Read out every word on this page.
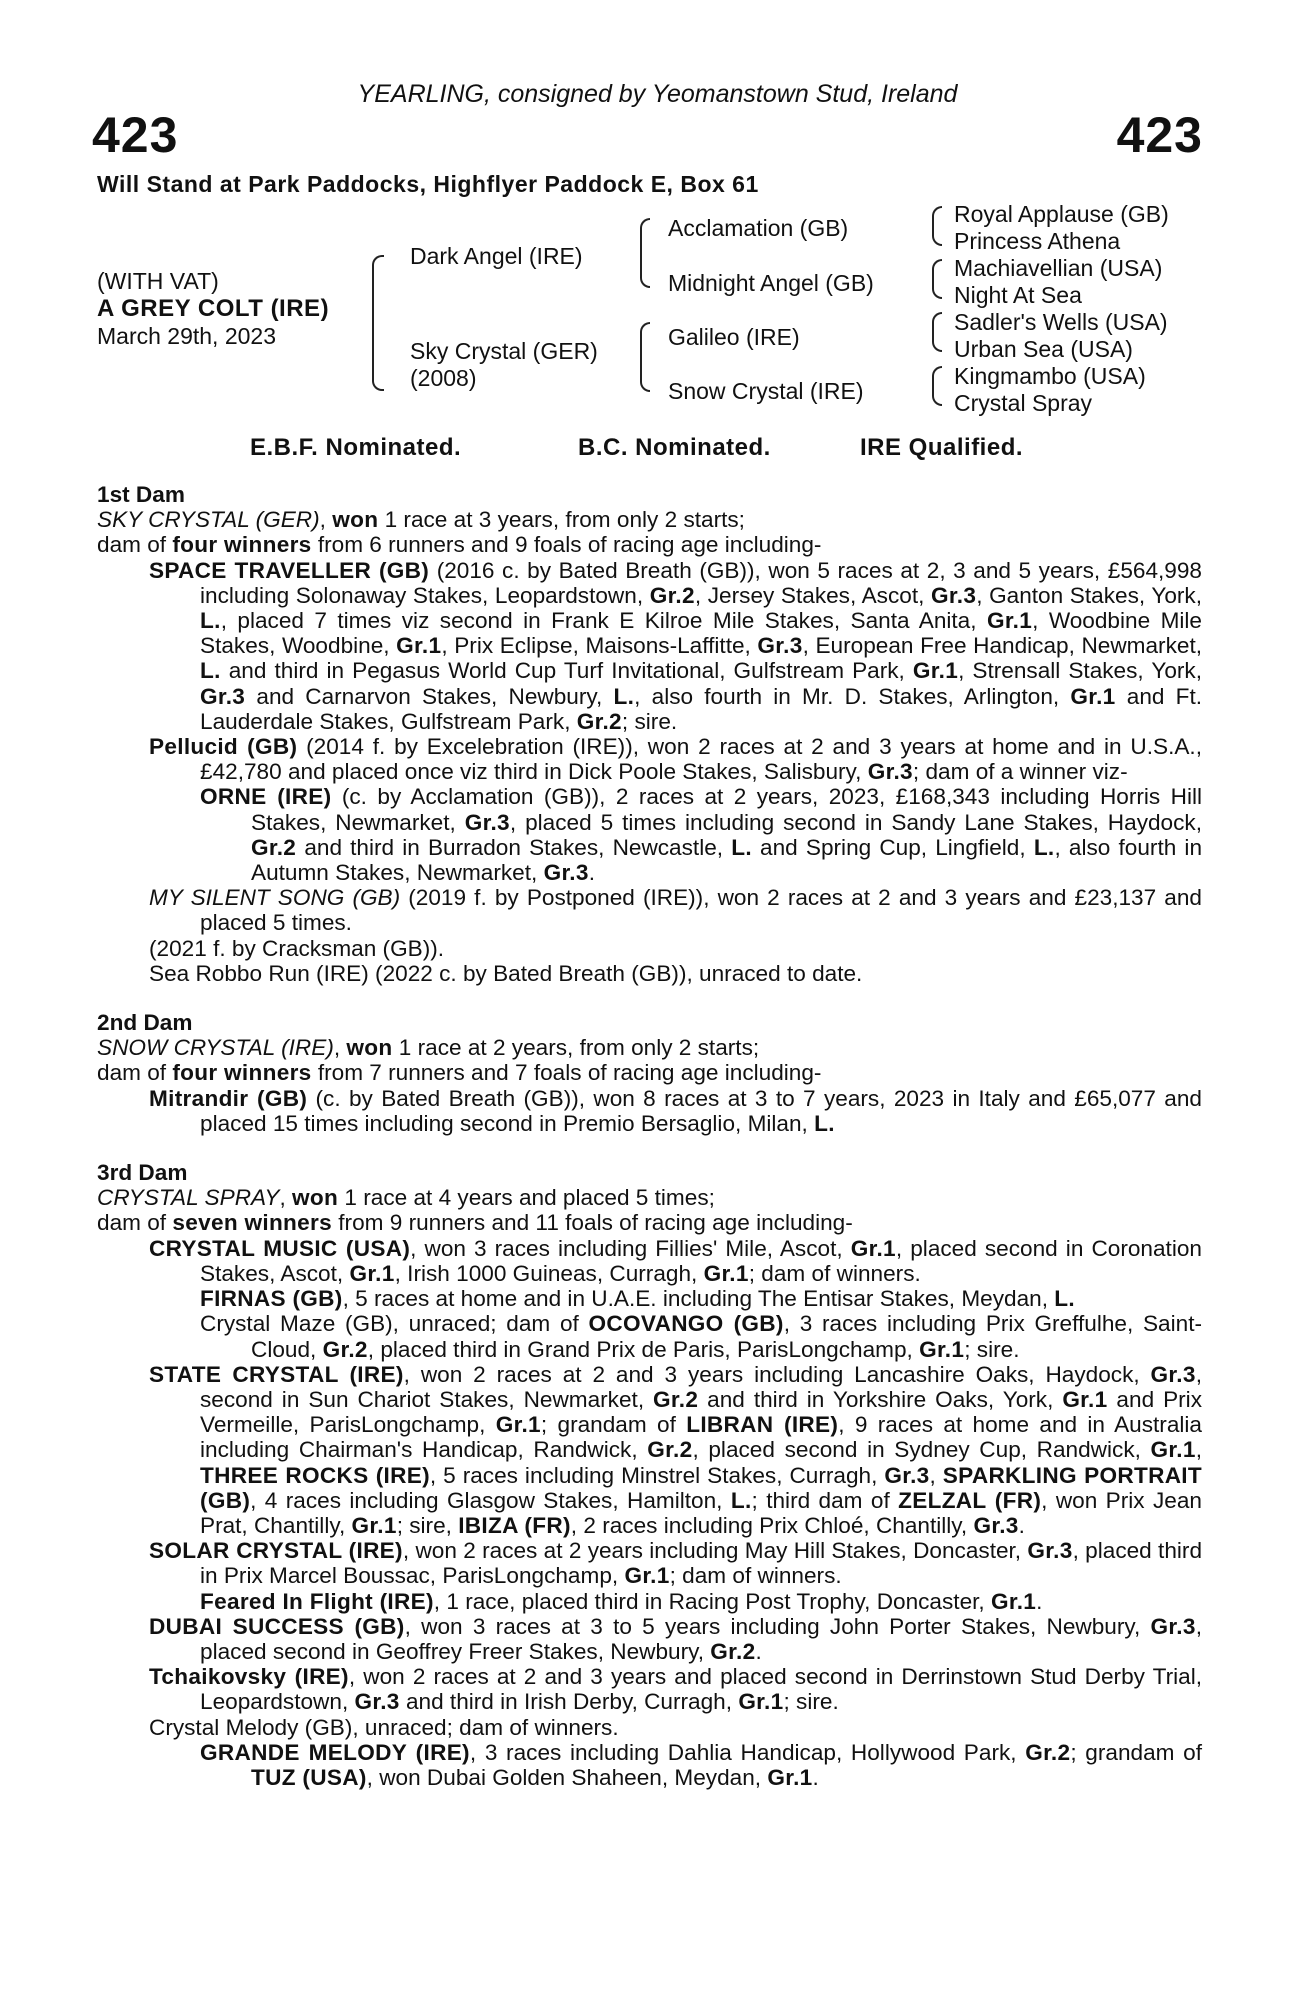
YEARLING, consigned by Yeomanstown Stud, Ireland
423	423
Will Stand at Park Paddocks, Highflyer Paddock E, Box 61
(WITH VAT)
A GREY COLT (IRE)
March 29th, 2023
Dark Angel (IRE)
Sky Crystal (GER)
(2008)
Acclamation (GB)
Midnight Angel (GB)
Galileo (IRE)
Snow Crystal (IRE)
Royal Applause (GB)
Princess Athena
Machiavellian (USA)
Night At Sea
Sadler's Wells (USA)
Urban Sea (USA)
Kingmambo (USA)
Crystal Spray
E.B.F. Nominated.	B.C. Nominated.	IRE Qualified.

1st Dam

SKY CRYSTAL (GER), won 1 race at 3 years, from only 2 starts;

dam of four winners from 6 runners and 9 foals of racing age including-

SPACE TRAVELLER (GB) (2016 c. by Bated Breath (GB)), won 5 races at 2, 3 and 5 years, £564,998 including Solonaway Stakes, Leopardstown, Gr.2, Jersey Stakes, Ascot, Gr.3, Ganton Stakes, York, L., placed 7 times viz second in Frank E Kilroe Mile Stakes, Santa Anita, Gr.1, Woodbine Mile Stakes, Woodbine, Gr.1, Prix Eclipse, Maisons-Laffitte, Gr.3, European Free Handicap, Newmarket, L. and third in Pegasus World Cup Turf Invitational, Gulfstream Park, Gr.1, Strensall Stakes, York, Gr.3 and Carnarvon Stakes, Newbury, L., also fourth in Mr. D. Stakes, Arlington, Gr.1 and Ft. Lauderdale Stakes, Gulfstream Park, Gr.2; sire.

Pellucid (GB) (2014 f. by Excelebration (IRE)), won 2 races at 2 and 3 years at home and in U.S.A., £42,780 and placed once viz third in Dick Poole Stakes, Salisbury, Gr.3; dam of a winner viz-

ORNE (IRE) (c. by Acclamation (GB)), 2 races at 2 years, 2023, £168,343 including Horris Hill Stakes, Newmarket, Gr.3, placed 5 times including second in Sandy Lane Stakes, Haydock, Gr.2 and third in Burradon Stakes, Newcastle, L. and Spring Cup, Lingfield, L., also fourth in Autumn Stakes, Newmarket, Gr.3.

MY SILENT SONG (GB) (2019 f. by Postponed (IRE)), won 2 races at 2 and 3 years and £23,137 and placed 5 times.

(2021 f. by Cracksman (GB)).

Sea Robbo Run (IRE) (2022 c. by Bated Breath (GB)), unraced to date.

2nd Dam

SNOW CRYSTAL (IRE), won 1 race at 2 years, from only 2 starts;

dam of four winners from 7 runners and 7 foals of racing age including-

Mitrandir (GB) (c. by Bated Breath (GB)), won 8 races at 3 to 7 years, 2023 in Italy and £65,077 and placed 15 times including second in Premio Bersaglio, Milan, L.

3rd Dam

CRYSTAL SPRAY, won 1 race at 4 years and placed 5 times;

dam of seven winners from 9 runners and 11 foals of racing age including-

CRYSTAL MUSIC (USA), won 3 races including Fillies' Mile, Ascot, Gr.1, placed second in Coronation Stakes, Ascot, Gr.1, Irish 1000 Guineas, Curragh, Gr.1; dam of winners.

FIRNAS (GB), 5 races at home and in U.A.E. including The Entisar Stakes, Meydan, L.

Crystal Maze (GB), unraced; dam of OCOVANGO (GB), 3 races including Prix Greffulhe, Saint-Cloud, Gr.2, placed third in Grand Prix de Paris, ParisLongchamp, Gr.1; sire.

STATE CRYSTAL (IRE), won 2 races at 2 and 3 years including Lancashire Oaks, Haydock, Gr.3, second in Sun Chariot Stakes, Newmarket, Gr.2 and third in Yorkshire Oaks, York, Gr.1 and Prix Vermeille, ParisLongchamp, Gr.1; grandam of LIBRAN (IRE), 9 races at home and in Australia including Chairman's Handicap, Randwick, Gr.2, placed second in Sydney Cup, Randwick, Gr.1, THREE ROCKS (IRE), 5 races including Minstrel Stakes, Curragh, Gr.3, SPARKLING PORTRAIT (GB), 4 races including Glasgow Stakes, Hamilton, L.; third dam of ZELZAL (FR), won Prix Jean Prat, Chantilly, Gr.1; sire, IBIZA (FR), 2 races including Prix Chloé, Chantilly, Gr.3.

SOLAR CRYSTAL (IRE), won 2 races at 2 years including May Hill Stakes, Doncaster, Gr.3, placed third in Prix Marcel Boussac, ParisLongchamp, Gr.1; dam of winners.

Feared In Flight (IRE), 1 race, placed third in Racing Post Trophy, Doncaster, Gr.1.

DUBAI SUCCESS (GB), won 3 races at 3 to 5 years including John Porter Stakes, Newbury, Gr.3, placed second in Geoffrey Freer Stakes, Newbury, Gr.2.

Tchaikovsky (IRE), won 2 races at 2 and 3 years and placed second in Derrinstown Stud Derby Trial, Leopardstown, Gr.3 and third in Irish Derby, Curragh, Gr.1; sire.

Crystal Melody (GB), unraced; dam of winners.

GRANDE MELODY (IRE), 3 races including Dahlia Handicap, Hollywood Park, Gr.2; grandam of TUZ (USA), won Dubai Golden Shaheen, Meydan, Gr.1.
